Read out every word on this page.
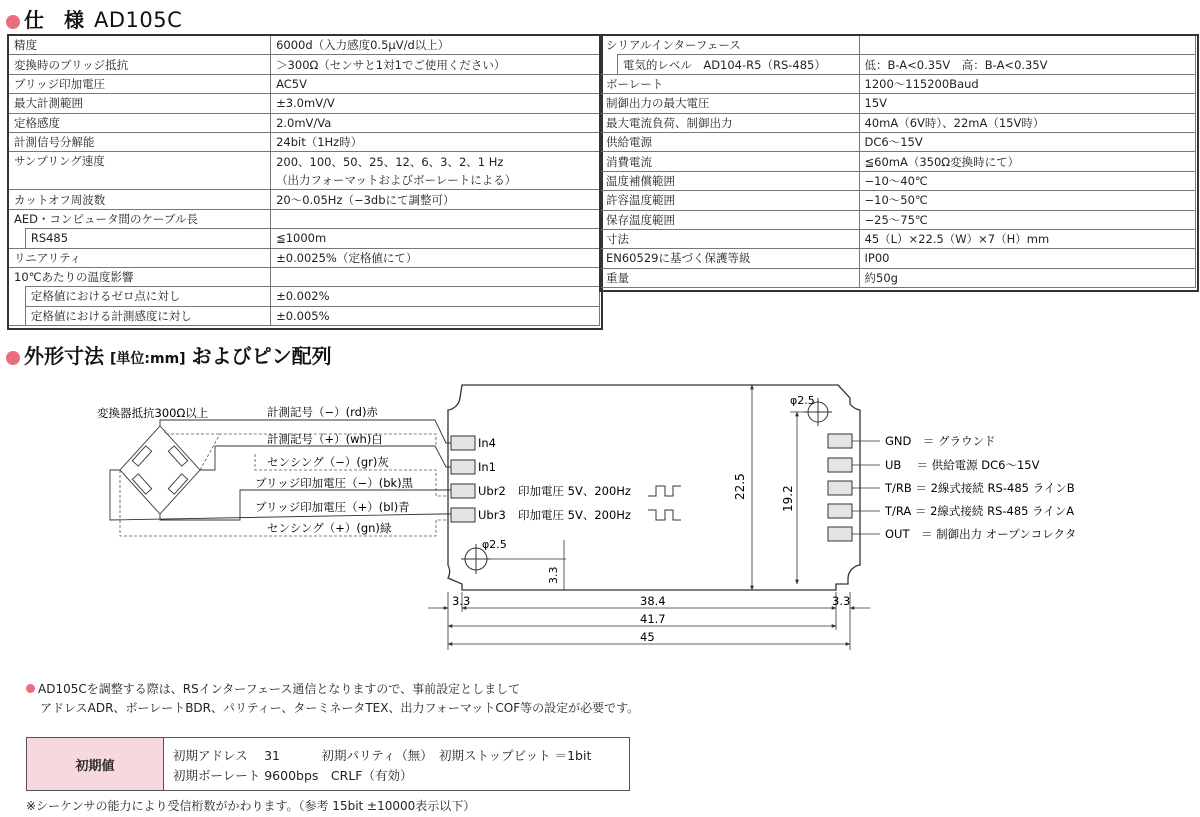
仕　様 AD105C
精度		6000d（入力感度0.5μV/d以上）
変換時のブリッジ抵抗		＞300Ω（センサと1対1でご使用ください）
ブリッジ印加電圧		AC5V
最大計測範囲		±3.0mV/V
定格感度		2.0mV/Va
計測信号分解能		24bit（1Hz時）
サンプリング速度		200、100、50、25、12、6、3、2、1 Hz
（出力フォーマットおよびボーレートによる）

カットオフ周波数		20〜0.05Hz（−3dbにて調整可）
AED・コンピュータ間のケーブル長		
	RS485	≦1000m
リニアリティ		±0.0025%（定格値にて）
10℃あたりの温度影響		
	定格値におけるゼロ点に対し	±0.002%
	定格値における計測感度に対し	±0.005%
シリアルインターフェース		
	電気的レベル　AD104-R5（RS-485）	低：B-A<0.35V　高：B-A<0.35V
ボーレート		1200〜115200Baud
制御出力の最大電圧		15V
最大電流負荷、制御出力		40mA（6V時）、22mA（15V時）
供給電源		DC6〜15V
消費電流		≦60mA（350Ω変換時にて）
温度補償範囲		−10〜40℃
許容温度範囲		−10〜50℃
保存温度範囲		−25〜75℃
寸法		45（L）×22.5（W）×7（H）mm
EN60529に基づく保護等級		IP00
重量		約50g
外形寸法 [単位:mm] およびピン配列
φ2.5
φ2.5
In4
In1
Ubr2
Ubr3
印加電圧 5V、200Hz
印加電圧 5V、200Hz
GND　＝ グラウンド
UB　 ＝ 供給電源 DC6〜15V
T/RB ＝ 2線式接続 RS-485 ラインB
T/RA ＝ 2線式接続 RS-485 ラインA
OUT　＝ 制御出力 オープンコレクタ
22.5	19.2
3.3
3.3	38.4	3.3
41.7
45
変換器抵抗300Ω以上	計測記号（−）(rd)赤
計測記号（+）(wh)白
センシング（−）(gr)灰
ブリッジ印加電圧（−）(bk)黒
ブリッジ印加電圧（+）(bl)青
センシング（+）(gn)緑
AD105Cを調整する際は、RSインターフェース通信となりますので、事前設定としまして
アドレスADR、ボーレートBDR、パリティー、ターミネータTEX、出力フォーマットCOF等の設定が必要です。
初期値
初期アドレス　 31　　　 初期パリティ（無）　初期ストップビット ＝1bit
初期ボーレート 9600bps　CRLF（有効）
※シーケンサの能力により受信桁数がかわります。（参考 15bit ±10000表示以下）
